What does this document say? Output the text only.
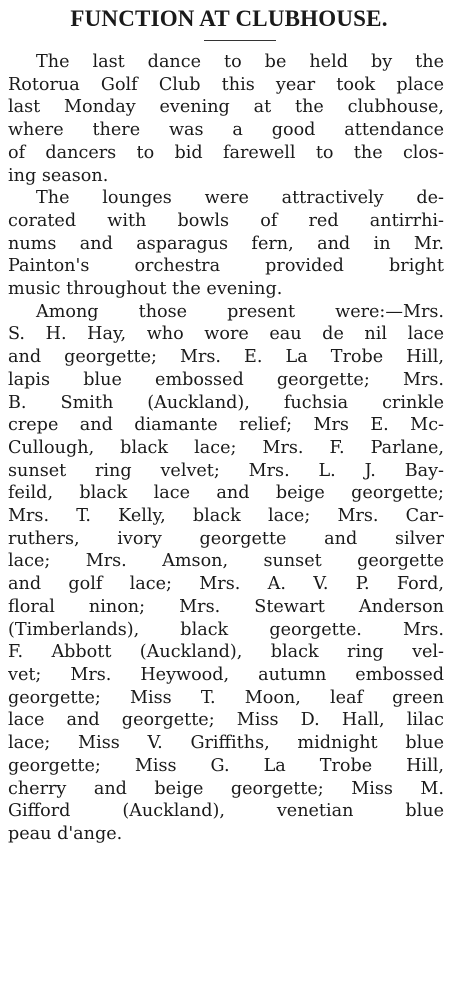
FUNCTION AT CLUBHOUSE.

The last dance to be held by the
Rotorua Golf Club this year took place
last Monday evening at the clubhouse,
where there was a good attendance
of dancers to bid farewell to the clos-
ing season.

The lounges were attractively de-
corated with bowls of red antirrhi-
nums and asparagus fern, and in Mr.
Painton's orchestra provided bright
music throughout the evening.

Among those present were:—Mrs.
S. H. Hay, who wore eau de nil lace
and georgette; Mrs. E. La Trobe Hill,
lapis blue embossed georgette; Mrs.
B. Smith (Auckland), fuchsia crinkle
crepe and diamante relief; Mrs E. Mc-
Cullough, black lace; Mrs. F. Parlane,
sunset ring velvet; Mrs. L. J. Bay-
feild, black lace and beige georgette;
Mrs. T. Kelly, black lace; Mrs. Car-
ruthers, ivory georgette and silver
lace; Mrs. Amson, sunset georgette
and golf lace; Mrs. A. V. P. Ford,
floral ninon; Mrs. Stewart Anderson
(Timberlands), black georgette. Mrs.
F. Abbott (Auckland), black ring vel-
vet; Mrs. Heywood, autumn embossed
georgette; Miss T. Moon, leaf green
lace and georgette; Miss D. Hall, lilac
lace; Miss V. Griffiths, midnight blue
georgette; Miss G. La Trobe Hill,
cherry and beige georgette; Miss M.
Gifford (Auckland), venetian blue
peau d'ange.
